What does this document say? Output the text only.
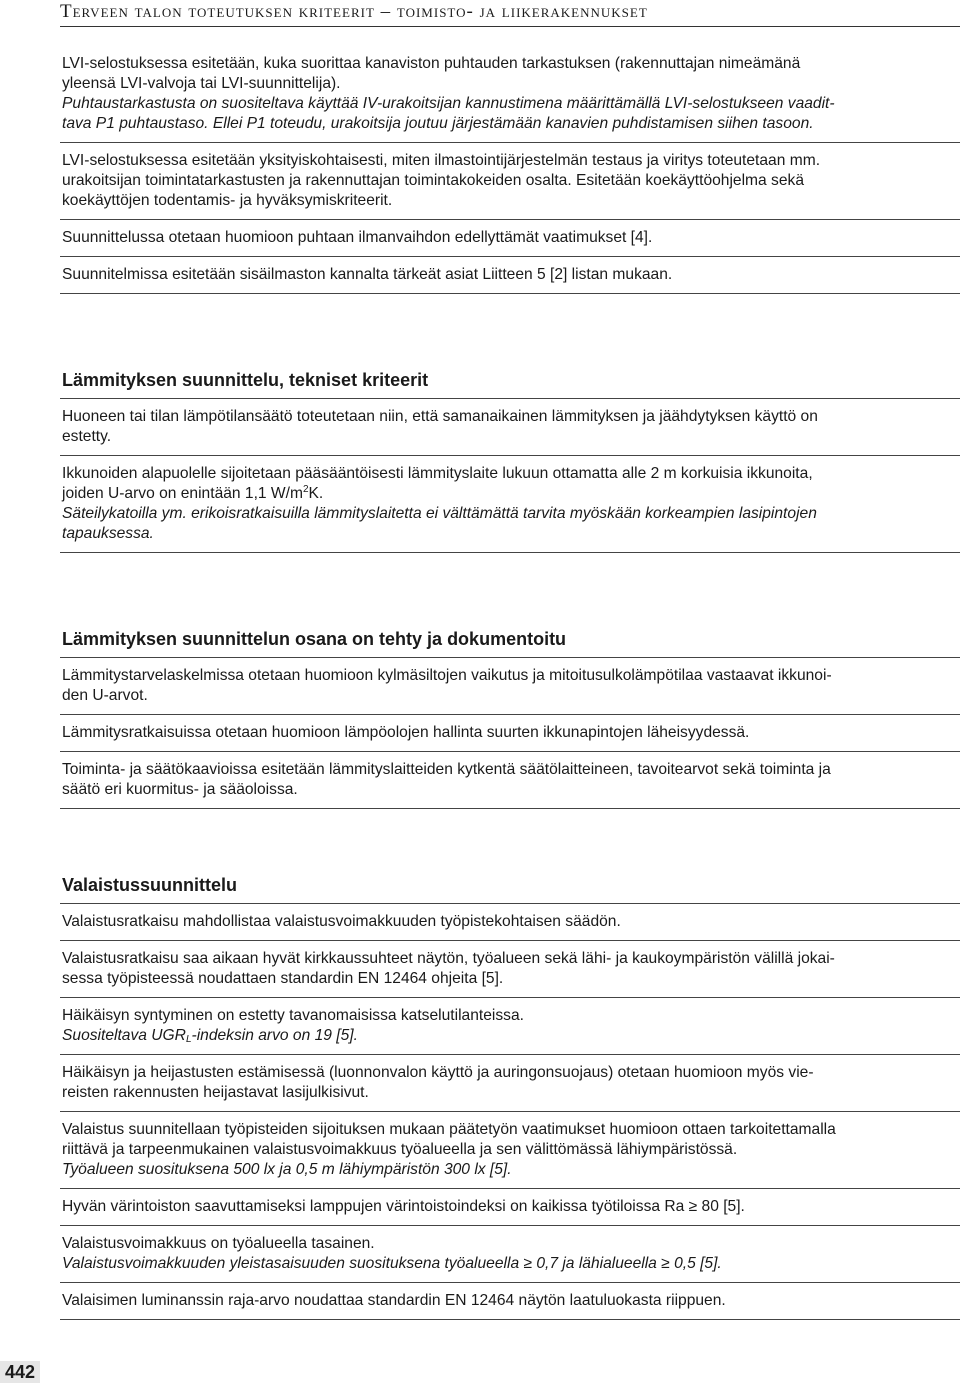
Terveen talon toteutuksen kriteerit – toimisto- ja liikerakennukset

LVI-selostuksessa esitetään, kuka suorittaa kanaviston puhtauden tarkastuksen (rakennuttajan nimeämänä

yleensä LVI-valvoja tai LVI-suunnittelija).

Puhtaustarkastusta on suositeltava käyttää IV-urakoitsijan kannustimena määrittämällä LVI-selostukseen vaadit-

tava P1 puhtaustaso. Ellei P1 toteudu, urakoitsija joutuu järjestämään kanavien puhdistamisen siihen tasoon.

LVI-selostuksessa esitetään yksityiskohtaisesti, miten ilmastointijärjestelmän testaus ja viritys toteutetaan mm.

urakoitsijan toimintatarkastusten ja rakennuttajan toimintakokeiden osalta. Esitetään koekäyttöohjelma sekä

koekäyttöjen todentamis- ja hyväksymiskriteerit.

Suunnittelussa otetaan huomioon puhtaan ilmanvaihdon edellyttämät vaatimukset [4].

Suunnitelmissa esitetään sisäilmaston kannalta tärkeät asiat Liitteen 5 [2] listan mukaan.

Lämmityksen suunnittelu, tekniset kriteerit

Huoneen tai tilan lämpötilansäätö toteutetaan niin, että samanaikainen lämmityksen ja jäähdytyksen käyttö on

estetty.

Ikkunoiden alapuolelle sijoitetaan pääsääntöisesti lämmityslaite lukuun ottamatta alle 2 m korkuisia ikkunoita,

joiden U-arvo on enintään 1,1 $W/m^2K$.

Säteilykatoilla ym. erikoisratkaisuilla lämmityslaitetta ei välttämättä tarvita myöskään korkeampien lasipintojen

tapauksessa.

Lämmityksen suunnittelun osana on tehty ja dokumentoitu

Lämmitystarvelaskelmissa otetaan huomioon kylmäsiltojen vaikutus ja mitoitusulkolämpötilaa vastaavat ikkunoi-

den U-arvot.

Lämmitysratkaisuissa otetaan huomioon lämpöolojen hallinta suurten ikkunapintojen läheisyydessä.

Toiminta- ja säätökaavioissa esitetään lämmityslaitteiden kytkentä säätölaitteineen, tavoitearvot sekä toiminta ja

säätö eri kuormitus- ja sääoloissa.

Valaistussuunnittelu

Valaistusratkaisu mahdollistaa valaistusvoimakkuuden työpistekohtaisen säädön.

Valaistusratkaisu saa aikaan hyvät kirkkaussuhteet näytön, työalueen sekä lähi- ja kaukoympäristön välillä jokai-

sessa työpisteessä noudattaen standardin EN 12464 ohjeita [5].

Häikäisyn syntyminen on estetty tavanomaisissa katselutilanteissa.

Suositeltava $UGR_L$-indeksin arvo on 19 [5].

Häikäisyn ja heijastusten estämisessä (luonnonvalon käyttö ja auringonsuojaus) otetaan huomioon myös vie-

reisten rakennusten heijastavat lasijulkisivut.

Valaistus suunnitellaan työpisteiden sijoituksen mukaan päätetyön vaatimukset huomioon ottaen tarkoitettamalla

riittävä ja tarpeenmukainen valaistusvoimakkuus työalueella ja sen välittömässä lähiympäristössä.

Työalueen suosituksena 500 lx ja 0,5 m lähiympäristön 300 lx [5].

Hyvän värintoiston saavuttamiseksi lamppujen värintoistoindeksi on kaikissa työtiloissa Ra ≥ 80 [5].

Valaistusvoimakkuus on työalueella tasainen.

Valaistusvoimakkuuden yleistasaisuuden suosituksena työalueella ≥ 0,7 ja lähialueella ≥ 0,5 [5].

Valaisimen luminanssin raja-arvo noudattaa standardin EN 12464 näytön laatuluokasta riippuen.

442
